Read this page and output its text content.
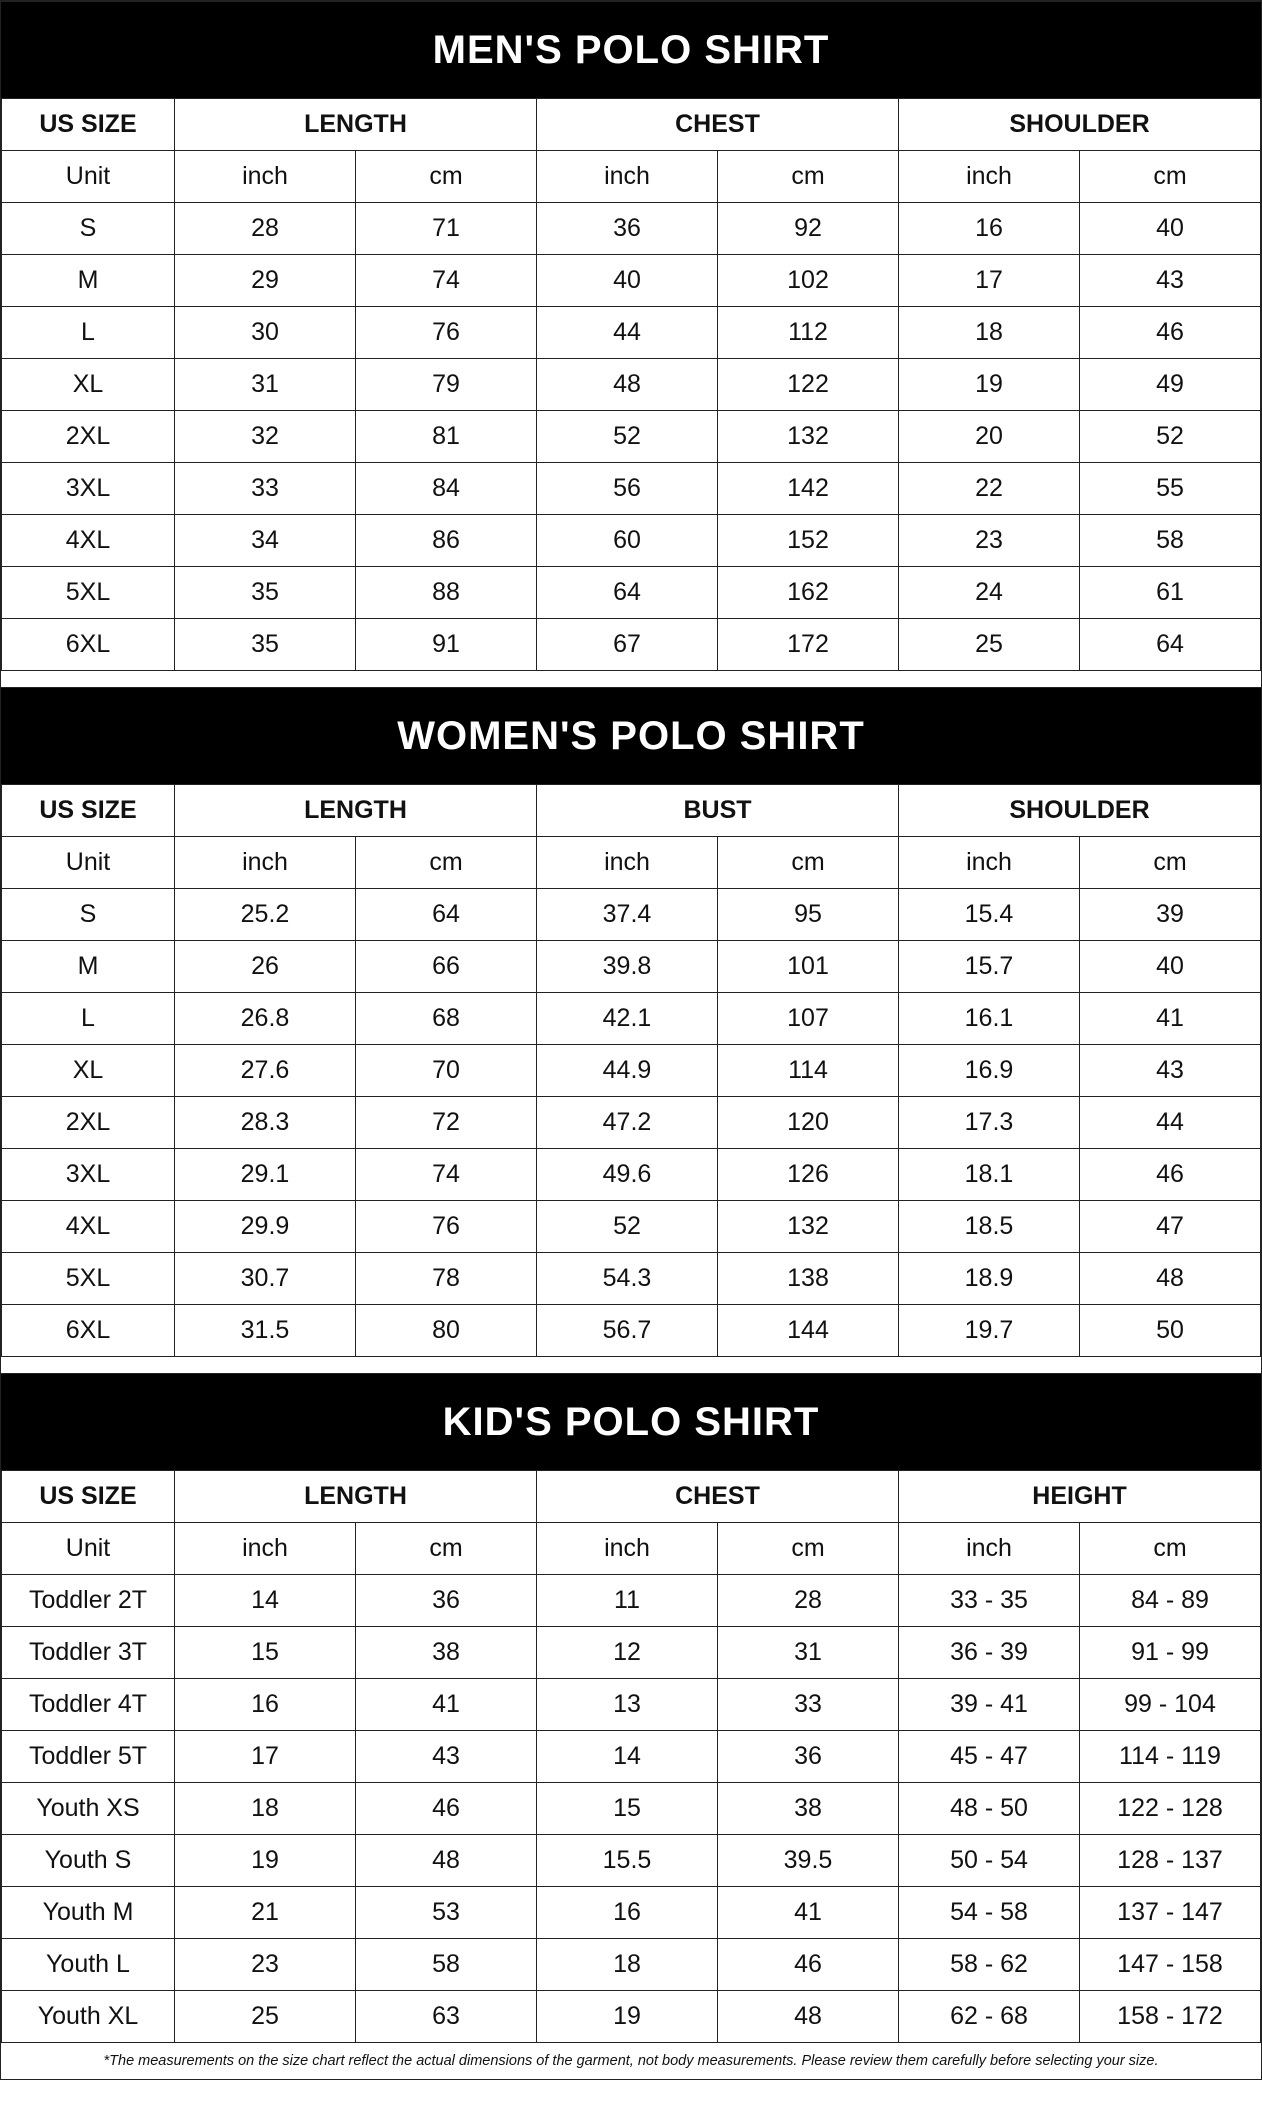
MEN'S POLO SHIRT
US SIZE	LENGTH		CHEST		SHOULDER	
Unit	inch	cm	inch	cm	inch	cm
S	28	71	36	92	16	40
M	29	74	40	102	17	43
L	30	76	44	112	18	46
XL	31	79	48	122	19	49
2XL	32	81	52	132	20	52
3XL	33	84	56	142	22	55
4XL	34	86	60	152	23	58
5XL	35	88	64	162	24	61
6XL	35	91	67	172	25	64
WOMEN'S POLO SHIRT
US SIZE	LENGTH		BUST		SHOULDER	
Unit	inch	cm	inch	cm	inch	cm
S	25.2	64	37.4	95	15.4	39
M	26	66	39.8	101	15.7	40
L	26.8	68	42.1	107	16.1	41
XL	27.6	70	44.9	114	16.9	43
2XL	28.3	72	47.2	120	17.3	44
3XL	29.1	74	49.6	126	18.1	46
4XL	29.9	76	52	132	18.5	47
5XL	30.7	78	54.3	138	18.9	48
6XL	31.5	80	56.7	144	19.7	50
KID'S POLO SHIRT
US SIZE	LENGTH		CHEST		HEIGHT	
Unit	inch	cm	inch	cm	inch	cm
Toddler 2T	14	36	11	28	33 - 35	84 - 89
Toddler 3T	15	38	12	31	36 - 39	91 - 99
Toddler 4T	16	41	13	33	39 - 41	99 - 104
Toddler 5T	17	43	14	36	45 - 47	114 - 119
Youth XS	18	46	15	38	48 - 50	122 - 128
Youth S	19	48	15.5	39.5	50 - 54	128 - 137
Youth M	21	53	16	41	54 - 58	137 - 147
Youth L	23	58	18	46	58 - 62	147 - 158
Youth XL	25	63	19	48	62 - 68	158 - 172
*The measurements on the size chart reflect the actual dimensions of the garment, not body measurements. Please review them carefully before selecting your size.
